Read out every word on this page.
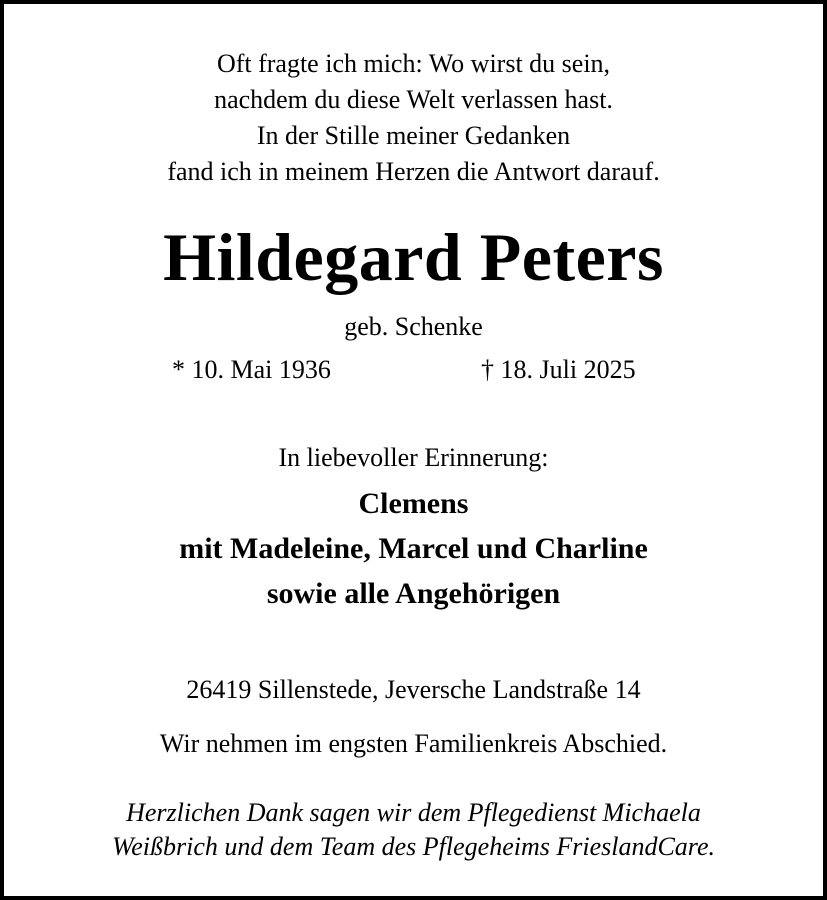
Oft fragte ich mich: Wo wirst du sein,
nachdem du diese Welt verlassen hast.
In der Stille meiner Gedanken
fand ich in meinem Herzen die Antwort darauf.
Hildegard Peters
geb. Schenke
* 10. Mai 1936	† 18. Juli 2025
In liebevoller Erinnerung:
Clemens
mit Madeleine, Marcel und Charline
sowie alle Angehörigen
26419 Sillenstede, Jeversche Landstraße 14
Wir nehmen im engsten Familienkreis Abschied.
Herzlichen Dank sagen wir dem Pflegedienst Michaela
Weißbrich und dem Team des Pflegeheims FrieslandCare.
